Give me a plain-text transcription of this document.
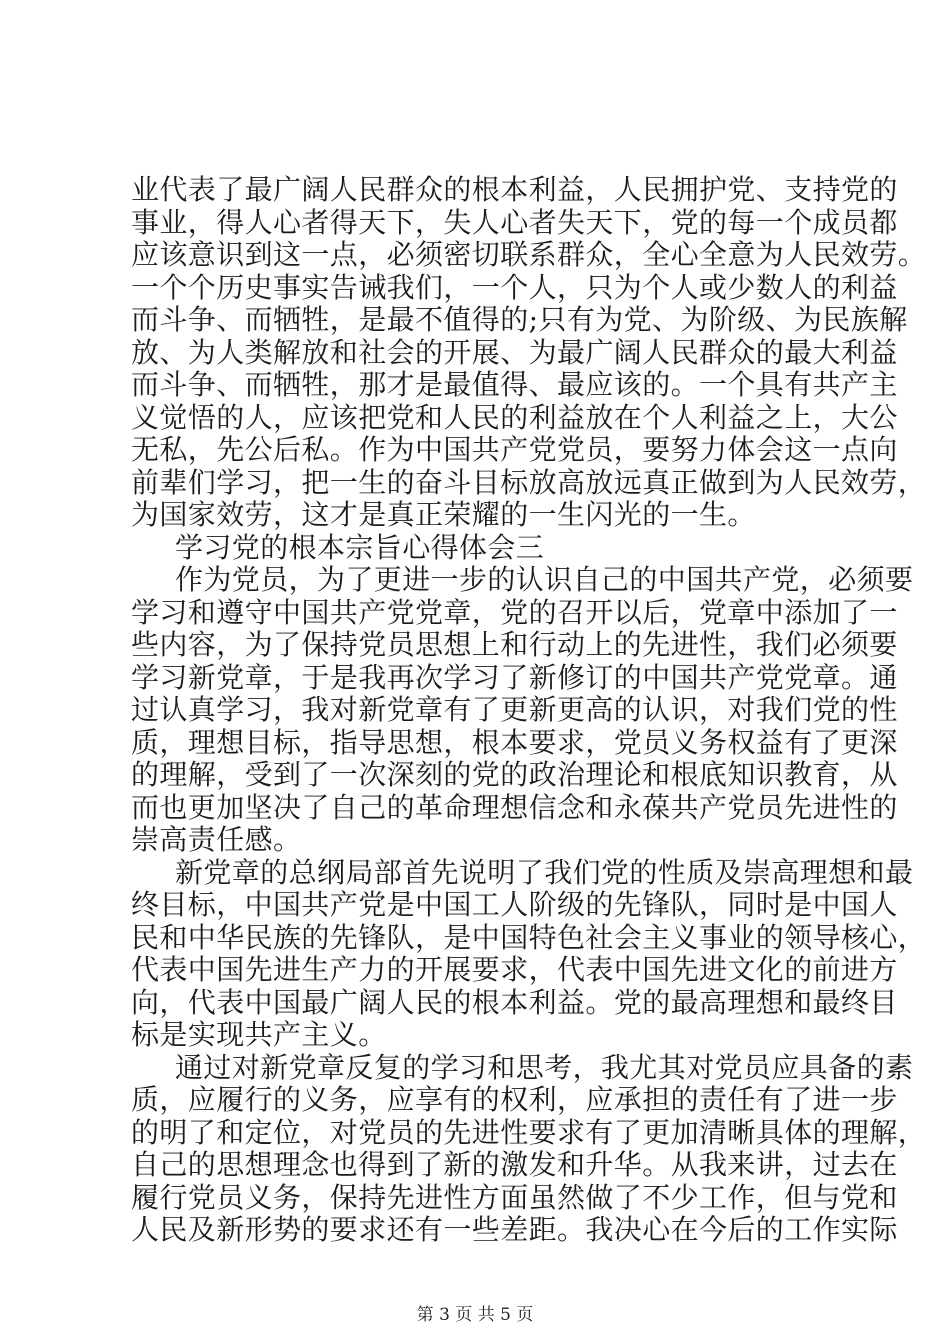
业代表了最广阔人民群众的根本利益，人民拥护党、支持党的
事业，得人心者得天下，失人心者失天下，党的每一个成员都
应该意识到这一点，必须密切联系群众，全心全意为人民效劳。
一个个历史事实告诫我们，一个人，只为个人或少数人的利益
而斗争、而牺牲，是最不值得的;只有为党、为阶级、为民族解
放、为人类解放和社会的开展、为最广阔人民群众的最大利益
而斗争、而牺牲，那才是最值得、最应该的。一个具有共产主
义觉悟的人，应该把党和人民的利益放在个人利益之上，大公
无私，先公后私。作为中国共产党党员，要努力体会这一点向
前辈们学习，把一生的奋斗目标放高放远真正做到为人民效劳，
为国家效劳，这才是真正荣耀的一生闪光的一生。
学习党的根本宗旨心得体会三
作为党员，为了更进一步的认识自己的中国共产党，必须要
学习和遵守中国共产党党章，党的召开以后，党章中添加了一
些内容，为了保持党员思想上和行动上的先进性，我们必须要
学习新党章，于是我再次学习了新修订的中国共产党党章。通
过认真学习，我对新党章有了更新更高的认识，对我们党的性
质，理想目标，指导思想，根本要求，党员义务权益有了更深
的理解，受到了一次深刻的党的政治理论和根底知识教育，从
而也更加坚决了自己的革命理想信念和永葆共产党员先进性的
崇高责任感。
新党章的总纲局部首先说明了我们党的性质及崇高理想和最
终目标，中国共产党是中国工人阶级的先锋队，同时是中国人
民和中华民族的先锋队，是中国特色社会主义事业的领导核心，
代表中国先进生产力的开展要求，代表中国先进文化的前进方
向，代表中国最广阔人民的根本利益。党的最高理想和最终目
标是实现共产主义。
通过对新党章反复的学习和思考，我尤其对党员应具备的素
质，应履行的义务，应享有的权利，应承担的责任有了进一步
的明了和定位，对党员的先进性要求有了更加清晰具体的理解，
自己的思想理念也得到了新的激发和升华。从我来讲，过去在
履行党员义务，保持先进性方面虽然做了不少工作，但与党和
人民及新形势的要求还有一些差距。我决心在今后的工作实际
第 3 页 共 5 页
